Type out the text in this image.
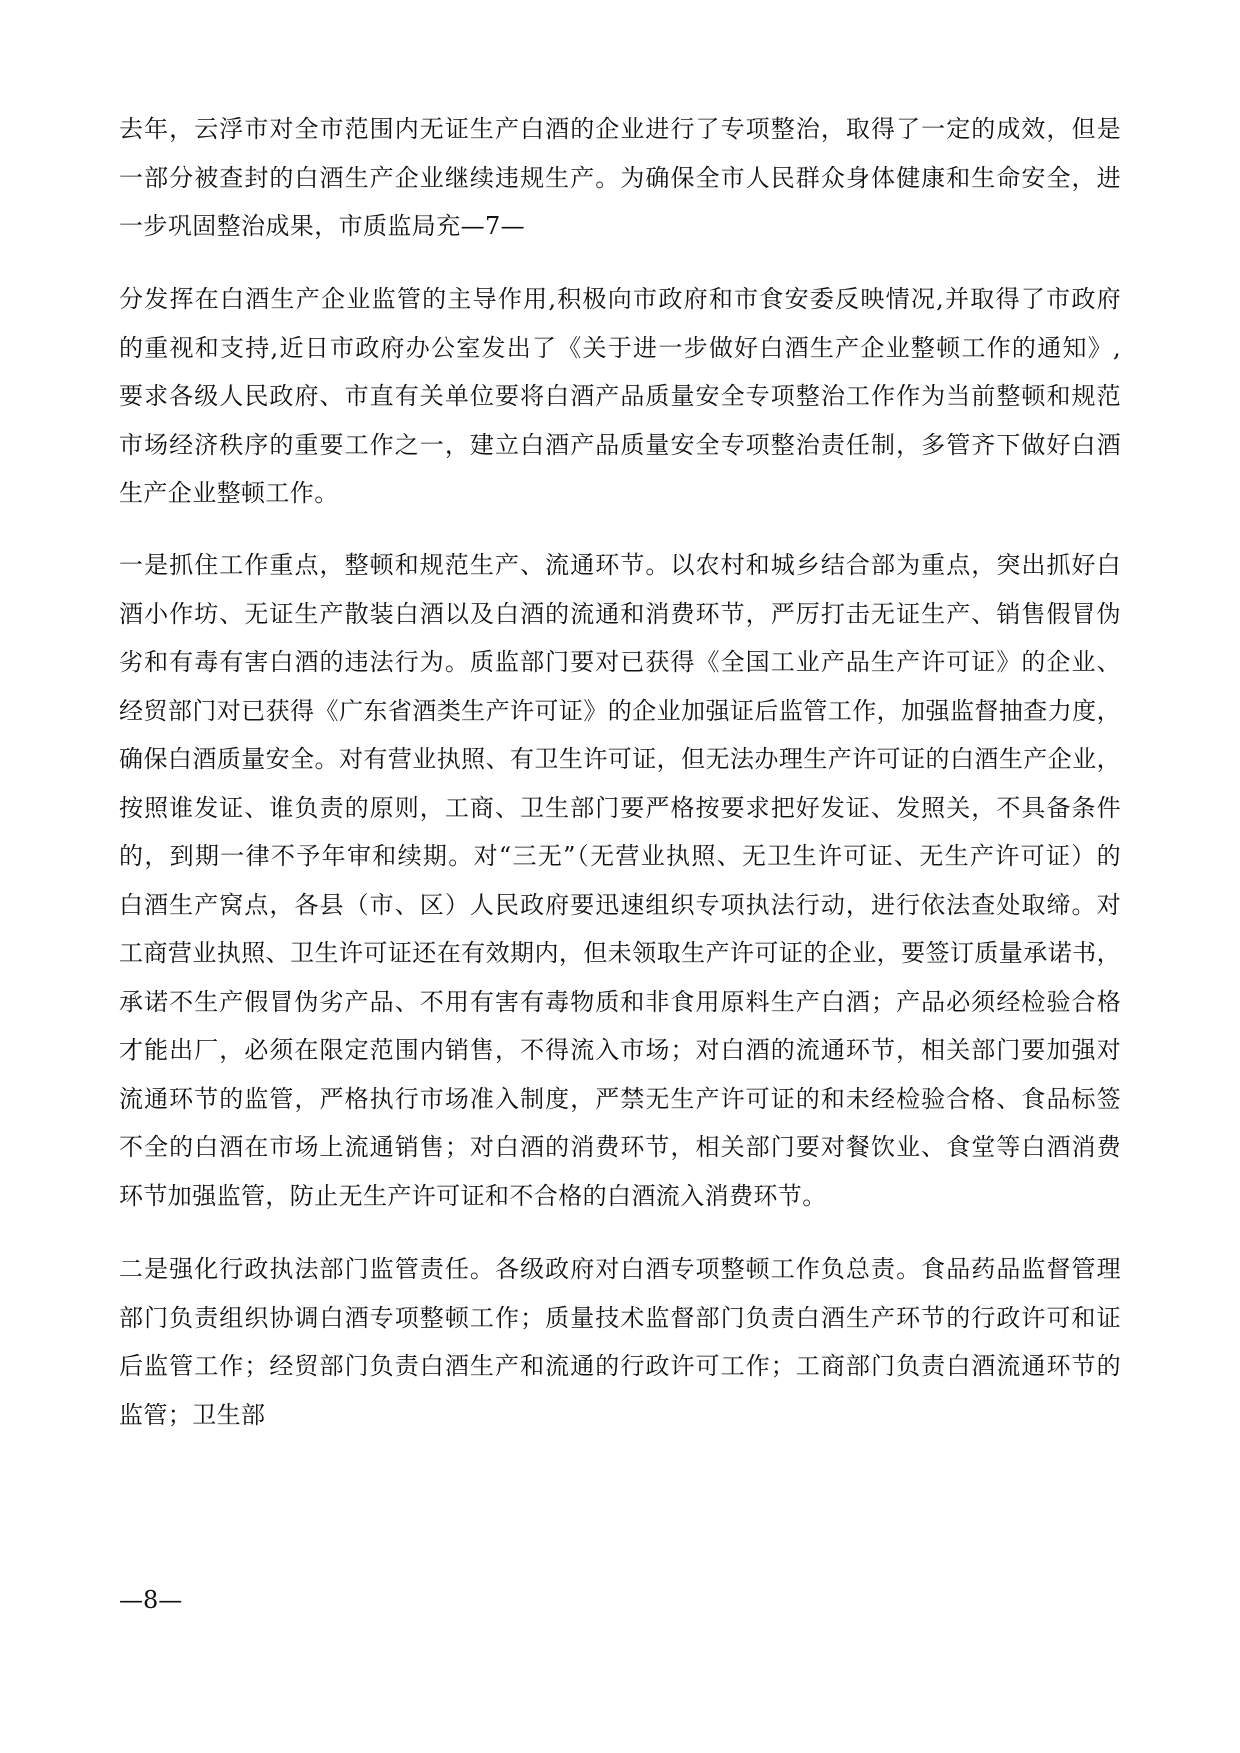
去年，云浮市对全市范围内无证生产白酒的企业进行了专项整治，取得了一定的成效，但是
一部分被查封的白酒生产企业继续违规生产。为确保全市人民群众身体健康和生命安全，进
一步巩固整治成果，市质监局充—7—
分发挥在白酒生产企业监管的主导作用,积极向市政府和市食安委反映情况,并取得了市政府
的重视和支持,近日市政府办公室发出了《关于进一步做好白酒生产企业整顿工作的通知》,
要求各级人民政府、市直有关单位要将白酒产品质量安全专项整治工作作为当前整顿和规范
市场经济秩序的重要工作之一，建立白酒产品质量安全专项整治责任制，多管齐下做好白酒
生产企业整顿工作。
一是抓住工作重点，整顿和规范生产、流通环节。以农村和城乡结合部为重点，突出抓好白
酒小作坊、无证生产散装白酒以及白酒的流通和消费环节，严厉打击无证生产、销售假冒伪
劣和有毒有害白酒的违法行为。质监部门要对已获得《全国工业产品生产许可证》的企业、
经贸部门对已获得《广东省酒类生产许可证》的企业加强证后监管工作，加强监督抽查力度，
确保白酒质量安全。对有营业执照、有卫生许可证，但无法办理生产许可证的白酒生产企业，
按照谁发证、谁负责的原则，工商、卫生部门要严格按要求把好发证、发照关，不具备条件
的，到期一律不予年审和续期。对“三无”（无营业执照、无卫生许可证、无生产许可证）的
白酒生产窝点，各县（市、区）人民政府要迅速组织专项执法行动，进行依法查处取缔。对
工商营业执照、卫生许可证还在有效期内，但未领取生产许可证的企业，要签订质量承诺书，
承诺不生产假冒伪劣产品、不用有害有毒物质和非食用原料生产白酒；产品必须经检验合格
才能出厂，必须在限定范围内销售，不得流入市场；对白酒的流通环节，相关部门要加强对
流通环节的监管，严格执行市场准入制度，严禁无生产许可证的和未经检验合格、食品标签
不全的白酒在市场上流通销售；对白酒的消费环节，相关部门要对餐饮业、食堂等白酒消费
环节加强监管，防止无生产许可证和不合格的白酒流入消费环节。
二是强化行政执法部门监管责任。各级政府对白酒专项整顿工作负总责。食品药品监督管理
部门负责组织协调白酒专项整顿工作；质量技术监督部门负责白酒生产环节的行政许可和证
后监管工作；经贸部门负责白酒生产和流通的行政许可工作；工商部门负责白酒流通环节的
监管；卫生部

—8—
